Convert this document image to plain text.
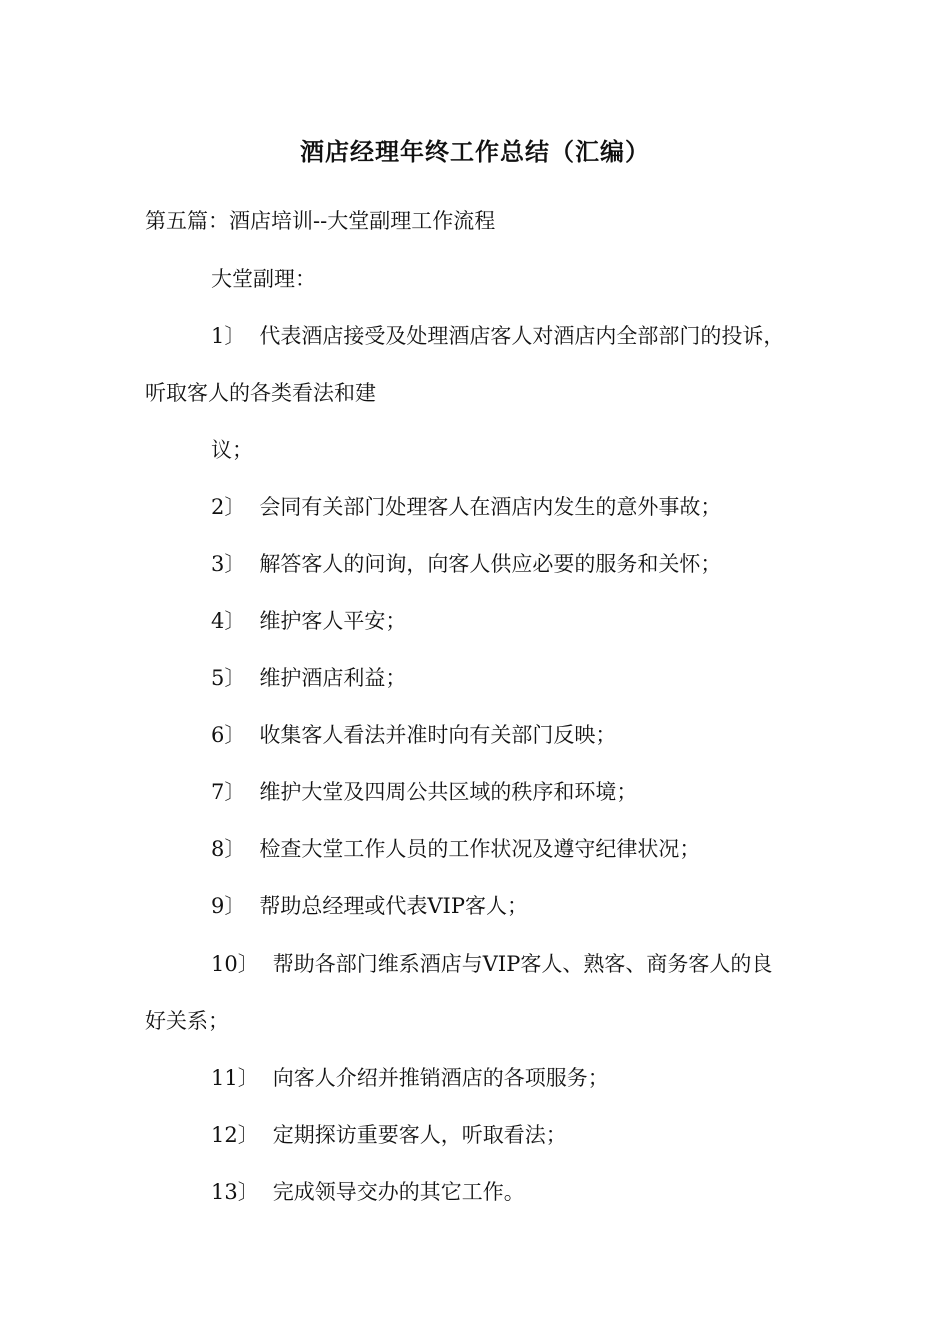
酒店经理年终工作总结（汇编）
第五篇：酒店培训--大堂副理工作流程
大堂副理：
1〕 代表酒店接受及处理酒店客人对酒店内全部部门的投诉，
听取客人的各类看法和建
议；
2〕 会同有关部门处理客人在酒店内发生的意外事故；
3〕 解答客人的问询，向客人供应必要的服务和关怀；
4〕 维护客人平安；
5〕 维护酒店利益；
6〕 收集客人看法并准时向有关部门反映；
7〕 维护大堂及四周公共区域的秩序和环境；
8〕 检查大堂工作人员的工作状况及遵守纪律状况；
9〕 帮助总经理或代表VIP客人；
10〕 帮助各部门维系酒店与VIP客人、熟客、商务客人的良
好关系；
11〕 向客人介绍并推销酒店的各项服务；
12〕 定期探访重要客人，听取看法；
13〕 完成领导交办的其它工作。
